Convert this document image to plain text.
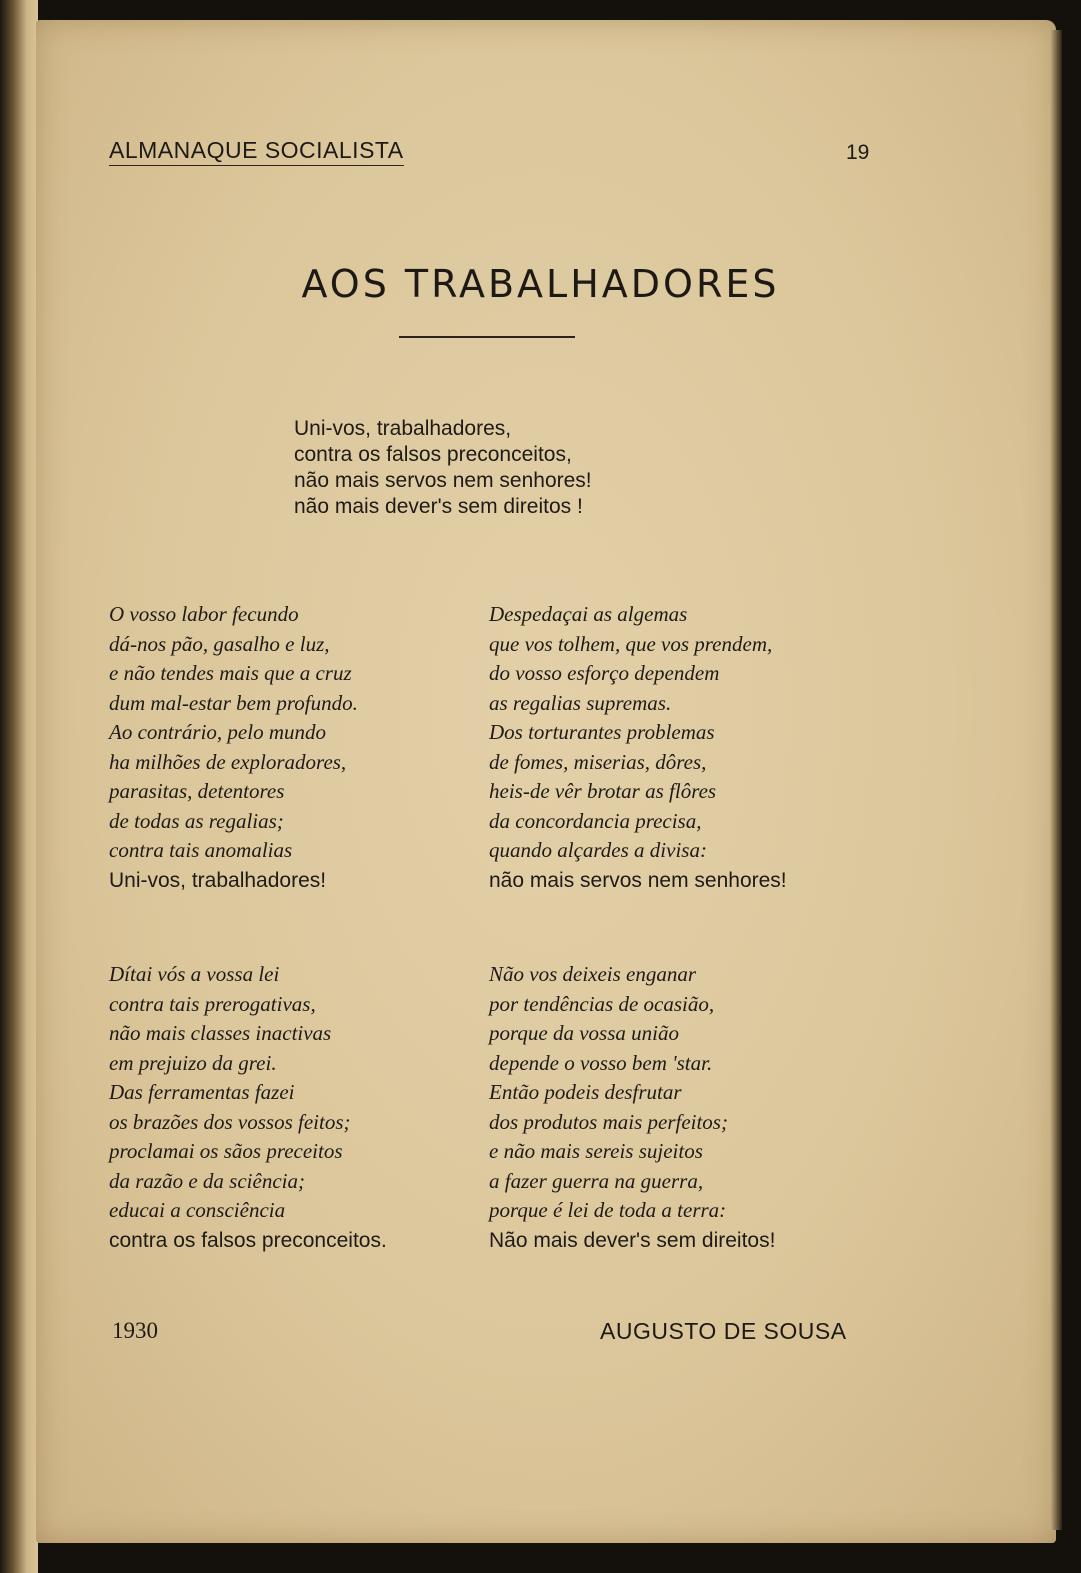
ALMANAQUE SOCIALISTA	19
AOS TRABALHADORES
Uni-vos, trabalhadores,
contra os falsos preconceitos,
não mais servos nem senhores!
não mais dever's sem direitos !
O vosso labor fecundo
dá-nos pão, gasalho e luz,
e não tendes mais que a cruz
dum mal-estar bem profundo.
Ao contrário, pelo mundo
ha milhões de exploradores,
parasitas, detentores
de todas as regalias;
contra tais anomalias
Uni-vos, trabalhadores!
Despedaçai as algemas
que vos tolhem, que vos prendem,
do vosso esforço dependem
as regalias supremas.
Dos torturantes problemas
de fomes, miserias, dôres,
heis-de vêr brotar as flôres
da concordancia precisa,
quando alçardes a divisa:
não mais servos nem senhores!
Dítai vós a vossa lei
contra tais prerogativas,
não mais classes inactivas
em prejuizo da grei.
Das ferramentas fazei
os brazões dos vossos feitos;
proclamai os sãos preceitos
da razão e da sciência;
educai a consciência
contra os falsos preconceitos.
Não vos deixeis enganar
por tendências de ocasião,
porque da vossa união
depende o vosso bem 'star.
Então podeis desfrutar
dos produtos mais perfeitos;
e não mais sereis sujeitos
a fazer guerra na guerra,
porque é lei de toda a terra:
Não mais dever's sem direitos!
1930	AUGUSTO DE SOUSA
